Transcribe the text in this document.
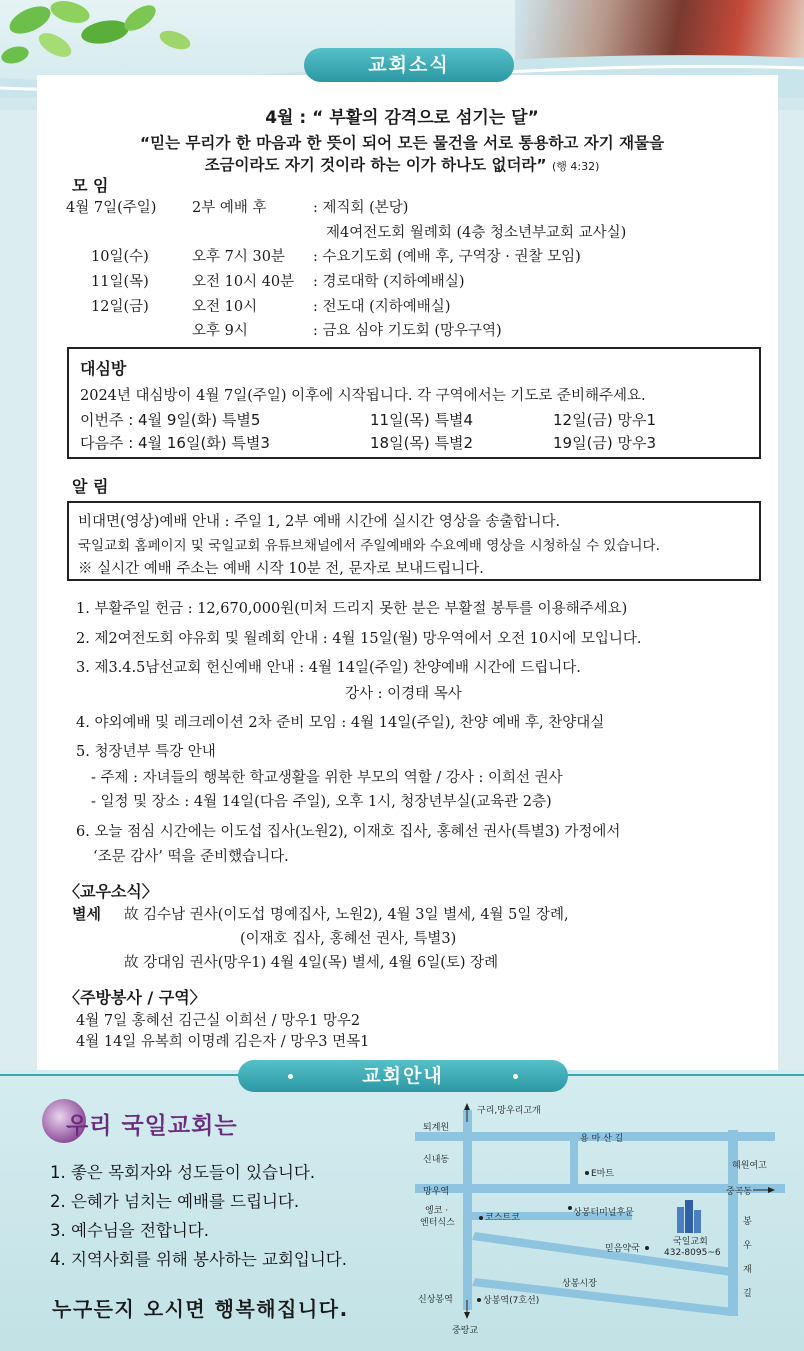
교회소식
4월 : “ 부활의 감격으로 섬기는 달”
“믿는 무리가 한 마음과 한 뜻이 되어 모든 물건을 서로 통용하고 자기 재물을
조금이라도 자기 것이라 하는 이가 하나도 없더라” (행 4:32)
모 임
4월 7일(주일) 2부 예배 후	: 제직회 (본당)
제4여전도회 월례회 (4층 청소년부교회 교사실)
10일(수)	오후 7시 30분 : 수요기도회 (예배 후, 구역장 · 권찰 모임)
11일(목)	오전 10시 40분 : 경로대학 (지하예배실)
12일(금)	오전 10시	: 전도대 (지하예배실)
오후 9시	: 금요 심야 기도회 (망우구역)
대심방
2024년 대심방이 4월 7일(주일) 이후에 시작됩니다. 각 구역에서는 기도로 준비해주세요.
이번주 : 4월 9일(화) 특별5	11일(목) 특별4	12일(금) 망우1
다음주 : 4월 16일(화) 특별3	18일(목) 특별2	19일(금) 망우3
알 림
비대면(영상)예배 안내 : 주일 1, 2부 예배 시간에 실시간 영상을 송출합니다.
국일교회 홈페이지 및 국일교회 유튜브채널에서 주일예배와 수요예배 영상을 시청하실 수 있습니다.
※ 실시간 예배 주소는 예배 시작 10분 전, 문자로 보내드립니다.
1. 부활주일 헌금 : 12,670,000원(미처 드리지 못한 분은 부활절 봉투를 이용해주세요)
2. 제2여전도회 야유회 및 월례회 안내 : 4월 15일(월) 망우역에서 오전 10시에 모입니다.
3. 제3.4.5남선교회 헌신예배 안내 : 4월 14일(주일) 찬양예배 시간에 드립니다.
강사 : 이경태 목사
4. 야외예배 및 레크레이션 2차 준비 모임 : 4월 14일(주일), 찬양 예배 후, 찬양대실
5. 청장년부 특강 안내
- 주제 : 자녀들의 행복한 학교생활을 위한 부모의 역할 / 강사 : 이희선 권사
- 일정 및 장소 : 4월 14일(다음 주일), 오후 1시, 청장년부실(교육관 2층)
6. 오늘 점심 시간에는 이도섭 집사(노원2), 이재호 집사, 홍혜선 권사(특별3) 가정에서
‘조문 감사’ 떡을 준비했습니다.
〈교우소식〉
별세 故 김수남 권사(이도섭 명예집사, 노원2), 4월 3일 별세, 4월 5일 장례,
(이재호 집사, 홍혜선 권사, 특별3)
故 강대임 권사(망우1) 4월 4일(목) 별세, 4월 6일(토) 장례
〈주방봉사 / 구역〉
4월 7일 홍혜선 김근실 이희선 / 망우1 망우2
4월 14일 유복희 이명례 김은자 / 망우3 면목1
교회안내
우리 국일교회는
1. 좋은 목회자와 성도들이 있습니다.
2. 은혜가 넘치는 예배를 드립니다.
3. 예수님을 전합니다.
4. 지역사회를 위해 봉사하는 교회입니다.
누구든지 오시면 행복해집니다.
구리,망우리고개
퇴계원
용 마 산 길
신내동
E마트
혜원여고
망우역	중곡동
엥코 ·
엔터식스	코스트코	상봉터미널후문
믿음약국
국일교회
432-8095~6
봉
우
재
길
상봉시장
신상봉역	상봉역(7호선)
중랑교
